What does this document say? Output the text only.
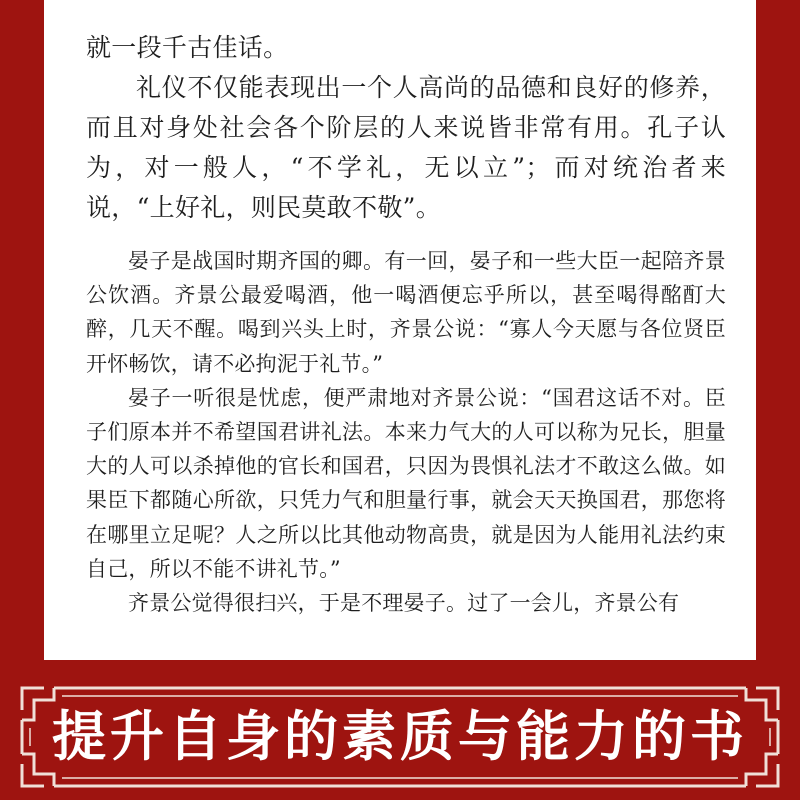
就一段千古佳话。

礼仪不仅能表现出一个人高尚的品德和良好的修养，而且对身处社会各个阶层的人来说皆非常有用。孔子认为，对一般人，“不学礼，无以立”；而对统治者来说，“上好礼，则民莫敢不敬”。

晏子是战国时期齐国的卿。有一回，晏子和一些大臣一起陪齐景公饮酒。齐景公最爱喝酒，他一喝酒便忘乎所以，甚至喝得酩酊大醉，几天不醒。喝到兴头上时，齐景公说：“寡人今天愿与各位贤臣开怀畅饮，请不必拘泥于礼节。”

晏子一听很是忧虑，便严肃地对齐景公说：“国君这话不对。臣子们原本并不希望国君讲礼法。本来力气大的人可以称为兄长，胆量大的人可以杀掉他的官长和国君，只因为畏惧礼法才不敢这么做。如果臣下都随心所欲，只凭力气和胆量行事，就会天天换国君，那您将在哪里立足呢？人之所以比其他动物高贵，就是因为人能用礼法约束自己，所以不能不讲礼节。”

齐景公觉得很扫兴，于是不理晏子。过了一会儿，齐景公有

提升自身的素质与能力的书
